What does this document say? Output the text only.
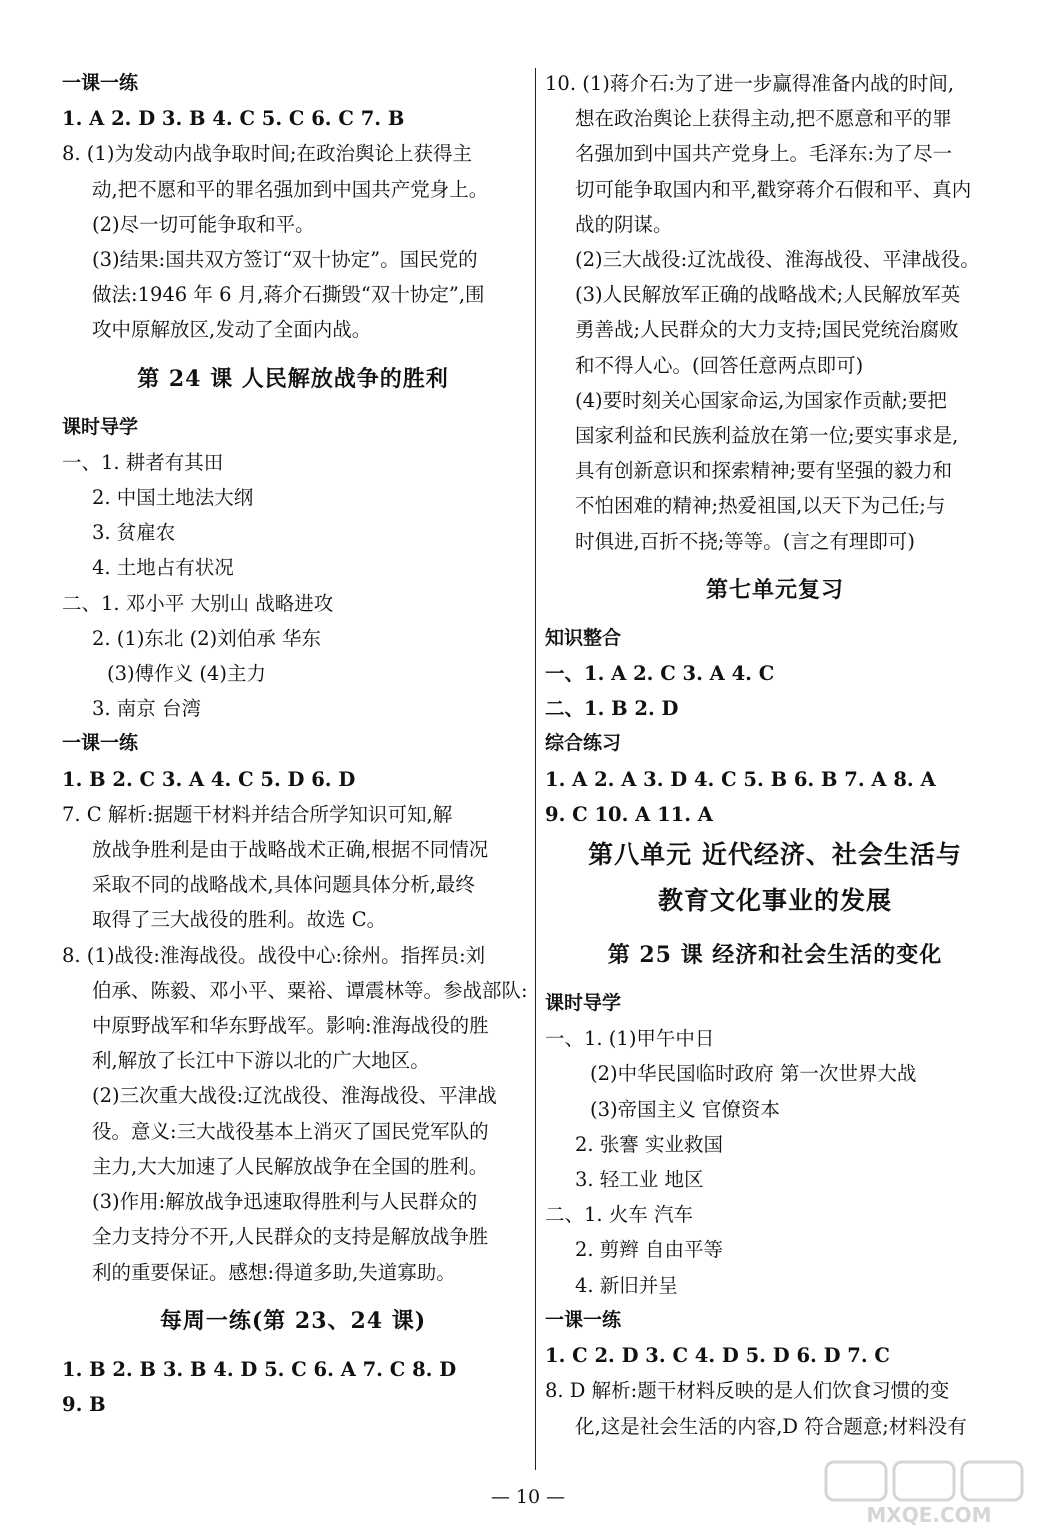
一课一练
1. A 2. D 3. B 4. C 5. C 6. C 7. B
8. (1)为发动内战争取时间;在政治舆论上获得主
动,把不愿和平的罪名强加到中国共产党身上。
(2)尽一切可能争取和平。
(3)结果:国共双方签订“双十协定”。国民党的
做法:1946 年 6 月,蒋介石撕毁“双十协定”,围
攻中原解放区,发动了全面内战。
第 24 课 人民解放战争的胜利
课时导学
一、1. 耕者有其田
2. 中国土地法大纲
3. 贫雇农
4. 土地占有状况
二、1. 邓小平 大别山 战略进攻
2. (1)东北 (2)刘伯承 华东
(3)傅作义 (4)主力
3. 南京 台湾
一课一练
1. B 2. C 3. A 4. C 5. D 6. D
7. C 解析:据题干材料并结合所学知识可知,解
放战争胜利是由于战略战术正确,根据不同情况
采取不同的战略战术,具体问题具体分析,最终
取得了三大战役的胜利。故选 C。
8. (1)战役:淮海战役。战役中心:徐州。指挥员:刘
伯承、陈毅、邓小平、粟裕、谭震林等。参战部队:
中原野战军和华东野战军。影响:淮海战役的胜
利,解放了长江中下游以北的广大地区。
(2)三次重大战役:辽沈战役、淮海战役、平津战
役。意义:三大战役基本上消灭了国民党军队的
主力,大大加速了人民解放战争在全国的胜利。
(3)作用:解放战争迅速取得胜利与人民群众的
全力支持分不开,人民群众的支持是解放战争胜
利的重要保证。感想:得道多助,失道寡助。
每周一练(第 23、24 课)
1. B 2. B 3. B 4. D 5. C 6. A 7. C 8. D
9. B
10. (1)蒋介石:为了进一步赢得准备内战的时间,
想在政治舆论上获得主动,把不愿意和平的罪
名强加到中国共产党身上。毛泽东:为了尽一
切可能争取国内和平,戳穿蒋介石假和平、真内
战的阴谋。
(2)三大战役:辽沈战役、淮海战役、平津战役。
(3)人民解放军正确的战略战术;人民解放军英
勇善战;人民群众的大力支持;国民党统治腐败
和不得人心。(回答任意两点即可)
(4)要时刻关心国家命运,为国家作贡献;要把
国家利益和民族利益放在第一位;要实事求是,
具有创新意识和探索精神;要有坚强的毅力和
不怕困难的精神;热爱祖国,以天下为己任;与
时俱进,百折不挠;等等。(言之有理即可)
第七单元复习
知识整合
一、1. A 2. C 3. A 4. C
二、1. B 2. D
综合练习
1. A 2. A 3. D 4. C 5. B 6. B 7. A 8. A
9. C 10. A 11. A
第八单元 近代经济、社会生活与
教育文化事业的发展
第 25 课 经济和社会生活的变化
课时导学
一、1. (1)甲午中日
(2)中华民国临时政府 第一次世界大战
(3)帝国主义 官僚资本
2. 张謇 实业救国
3. 轻工业 地区
二、1. 火车 汽车
2. 剪辫 自由平等
4. 新旧并呈
一课一练
1. C 2. D 3. C 4. D 5. D 6. D 7. C
8. D 解析:题干材料反映的是人们饮食习惯的变
化,这是社会生活的内容,D 符合题意;材料没有
— 10 —
MXQE.COM
